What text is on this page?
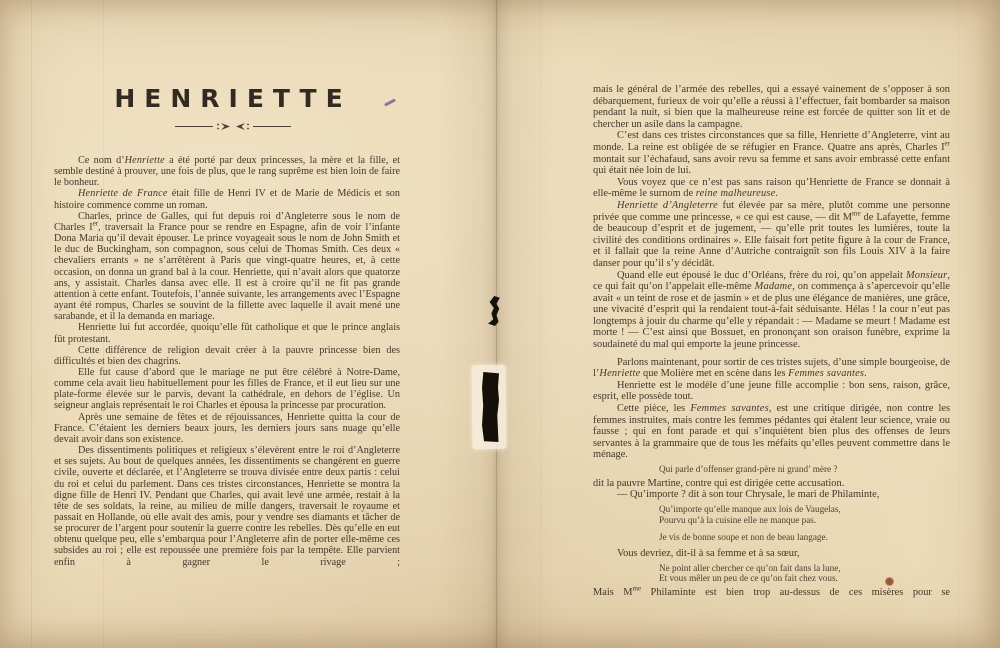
HENRIETTE

Ce nom d’Henriette a été porté par deux princesses, la mère et la fille, et semble destiné à prouver, une fois de plus, que le rang suprême est bien loin de faire le bonheur.

Henriette de France était fille de Henri IV et de Marie de Médicis et son histoire commence comme un roman.

Charles, prince de Galles, qui fut depuis roi d’Angleterre sous le nom de Charles Ier, traversait la France pour se rendre en Espagne, afin de voir l’infante Dona Maria qu’il devait épouser. Le prince voyageait sous le nom de John Smith et le duc de Buckingham, son compagnon, sous celui de Thomas Smith. Ces deux « chevaliers errants » ne s’arrêtèrent à Paris que vingt-quatre heures, et, à cette occasion, on donna un grand bal à la cour. Henriette, qui n’avait alors que quatorze ans, y assistait. Charles dansa avec elle. Il est à croire qu’il ne fit pas grande attention à cette enfant. Toutefois, l’année suivante, les arrangements avec l’Espagne ayant été rompus, Charles se souvint de la fillette avec laquelle il avait mené une sarabande, et il la demanda en mariage.

Henriette lui fut accordée, quoiqu’elle fût catholique et que le prince anglais fût protestant.

Cette différence de religion devait créer à la pauvre princesse bien des difficultés et bien des chagrins.

Elle fut cause d’abord que le mariage ne put être célébré à Notre-Dame, comme cela avait lieu habituellement pour les filles de France, et il eut lieu sur une plate-forme élevée sur le parvis, devant la cathédrale, en dehors de l’église. Un seigneur anglais représentait le roi Charles et épousa la princesse par procuration.

Après une semaine de fêtes et de réjouissances, Henriette quitta la cour de France. C’étaient les derniers beaux jours, les derniers jours sans nuage qu’elle devait avoir dans son existence.

Des dissentiments politiques et religieux s’élevèrent entre le roi d’Angleterre et ses sujets. Au bout de quelques années, les dissentiments se changèrent en guerre civile, ouverte et déclarée, et l’Angleterre se trouva divisée entre deux partis : celui du roi et celui du parlement. Dans ces tristes circonstances, Henriette se montra la digne fille de Henri IV. Pendant que Charles, qui avait levé une armée, restait à la tête de ses soldats, la reine, au milieu de mille dangers, traversait le royaume et passait en Hollande, où elle avait des amis, pour y vendre ses diamants et tâcher de se procurer de l’argent pour soutenir la guerre contre les rebelles. Dès qu’elle en eut obtenu quelque peu, elle s’embarqua pour l’Angleterre afin de porter elle-même ces subsides au roi ; elle est repoussée une première fois par la tempête. Elle parvient enfin à gagner le rivage ;

mais le général de l’armée des rebelles, qui a essayé vainement de s’opposer à son débarquement, furieux de voir qu’elle a réussi à l’effectuer, fait bombarder sa maison pendant la nuit, si bien que la malheureuse reine est forcée de quitter son lit et de chercher un asile dans la campagne.

C’est dans ces tristes circonstances que sa fille, Henriette d’Angleterre, vint au monde. La reine est obligée de se réfugier en France. Quatre ans après, Charles Ier montait sur l’échafaud, sans avoir revu sa femme et sans avoir embrassé cette enfant qui était née loin de lui.

Vous voyez que ce n’est pas sans raison qu’Henriette de France se donnait à elle-même le surnom de reine malheureuse.

Henriette d’Angleterre fut élevée par sa mère, plutôt comme une personne privée que comme une princesse, « ce qui est cause, — dit $M^{me}$ de Lafayette, femme de beaucoup d’esprit et de jugement, — qu’elle prit toutes les lumières, toute la civilité des conditions ordinaires ». Elle faisait fort petite figure à la cour de France, et il fallait que la reine Anne d’Autriche contraignît son fils Louis XIV à la faire danser pour qu’il s’y décidât.

Quand elle eut épousé le duc d’Orléans, frère du roi, qu’on appelait Monsieur, ce qui fait qu’on l’appelait elle-même Madame, on commença à s’apercevoir qu’elle avait « un teint de rose et de jasmin » et de plus une élégance de manières, une grâce, une vivacité d’esprit qui la rendaient tout-à-fait séduisante. Hélas ! la cour n’eut pas longtemps à jouir du charme qu’elle y répandait : — Madame se meurt ! Madame est morte ! — C’est ainsi que Bossuet, en prononçant son oraison funèbre, exprime la soudaineté du mal qui emporte la jeune princesse.

Parlons maintenant, pour sortir de ces tristes sujets, d’une simple bourgeoise, de l’Henriette que Molière met en scène dans les Femmes savantes.

Henriette est le modèle d’une jeune fille accomplie : bon sens, raison, grâce, esprit, elle possède tout.

Cette pièce, les Femmes savantes, est une critique dirigée, non contre les femmes instruites, mais contre les femmes pédantes qui étalent leur science, vraie ou fausse ; qui en font parade et qui s’inquiètent bien plus des offenses de leurs servantes à la grammaire que de tous les méfaits qu’elles peuvent commettre dans le ménage.

Qui parle d’offenser grand-père ni grand’ mère ?

dit la pauvre Martine, contre qui est dirigée cette accusation.

— Qu’importe ? dit à son tour Chrysale, le mari de Philaminte,

Qu’importe qu’elle manque aux lois de Vaugelas,
Pourvu qu’à la cuisine elle ne manque pas.

Je vis de bonne soupe et non de beau langage.

Vous devriez, dit-il à sa femme et à sa sœur,

Ne point aller chercher ce qu’on fait dans la lune,
Et vous mêler un peu de ce qu’on fait chez vous.

Mais $M^{me}$ Philaminte est bien trop au-dessus de ces misères pour se
